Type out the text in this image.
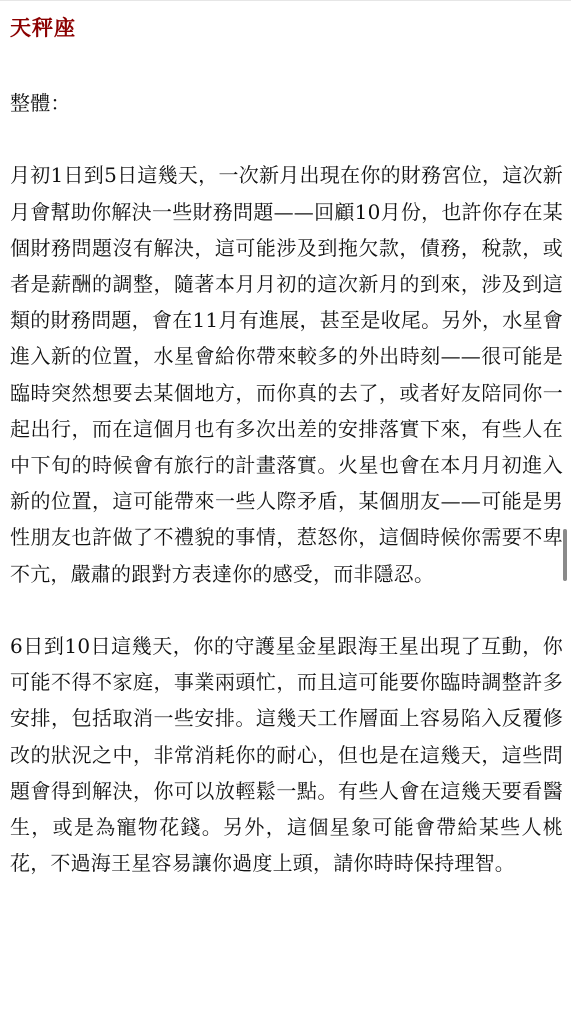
天秤座

整體：

月初1日到5日這幾天，一次新月出現在你的財務宮位，這次新月會幫助你解決一些財務問題——回顧10月份，也許你存在某個財務問題沒有解決，這可能涉及到拖欠款，債務，稅款，或者是薪酬的調整，隨著本月月初的這次新月的到來，涉及到這類的財務問題，會在11月有進展，甚至是收尾。另外，水星會進入新的位置，水星會給你帶來較多的外出時刻——很可能是臨時突然想要去某個地方，而你真的去了，或者好友陪同你一起出行，而在這個月也有多次出差的安排落實下來，有些人在中下旬的時候會有旅行的計畫落實。火星也會在本月月初進入新的位置，這可能帶來一些人際矛盾，某個朋友——可能是男性朋友也許做了不禮貌的事情，惹怒你，這個時候你需要不卑不亢，嚴肅的跟對方表達你的感受，而非隱忍。

6日到10日這幾天，你的守護星金星跟海王星出現了互動，你可能不得不家庭，事業兩頭忙，而且這可能要你臨時調整許多安排，包括取消一些安排。這幾天工作層面上容易陷入反覆修改的狀況之中，非常消耗你的耐心，但也是在這幾天，這些問題會得到解決，你可以放輕鬆一點。有些人會在這幾天要看醫生，或是為寵物花錢。另外，這個星象可能會帶給某些人桃花，不過海王星容易讓你過度上頭，請你時時保持理智。
